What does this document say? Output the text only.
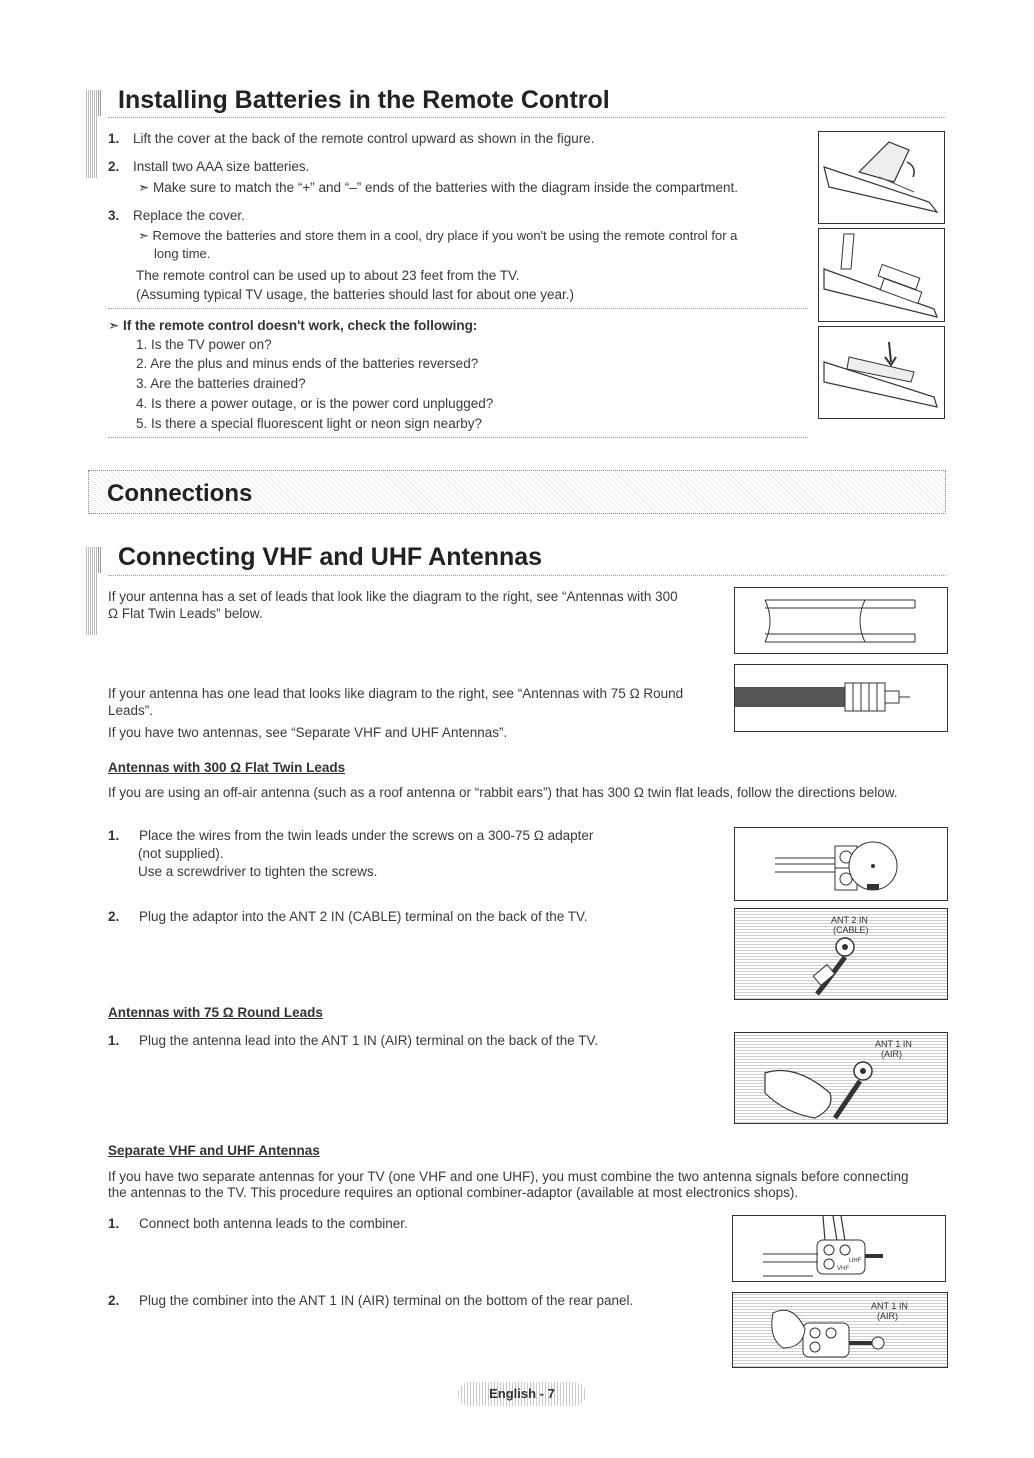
Installing Batteries in the Remote Control
1. Lift the cover at the back of the remote control upward as shown in the figure.
2. Install two AAA size batteries.
➣ Make sure to match the “+” and “–” ends of the batteries with the diagram inside the compartment.
3. Replace the cover.
➣ Remove the batteries and store them in a cool, dry place if you won't be using the remote control for a
long time.
The remote control can be used up to about 23 feet from the TV.
(Assuming typical TV usage, the batteries should last for about one year.)
➣ If the remote control doesn't work, check the following:
1. Is the TV power on?
2. Are the plus and minus ends of the batteries reversed?
3. Are the batteries drained?
4. Is there a power outage, or is the power cord unplugged?
5. Is there a special fluorescent light or neon sign nearby?
Connections
Connecting VHF and UHF Antennas
If your antenna has a set of leads that look like the diagram to the right, see “Antennas with 300
Ω Flat Twin Leads” below.
If your antenna has one lead that looks like diagram to the right, see “Antennas with 75 Ω Round
Leads”.
If you have two antennas, see “Separate VHF and UHF Antennas”.
Antennas with 300 Ω Flat Twin Leads
If you are using an off-air antenna (such as a roof antenna or “rabbit ears”) that has 300 Ω twin flat leads, follow the directions below.
1. Place the wires from the twin leads under the screws on a 300-75 Ω adapter
(not supplied).
Use a screwdriver to tighten the screws.
2. Plug the adaptor into the ANT 2 IN (CABLE) terminal on the back of the TV.	ANT 2 IN
(CABLE)
Antennas with 75 Ω Round Leads
1. Plug the antenna lead into the ANT 1 IN (AIR) terminal on the back of the TV.	ANT 1 IN
(AIR)
Separate VHF and UHF Antennas
If you have two separate antennas for your TV (one VHF and one UHF), you must combine the two antenna signals before connecting the antennas to the TV. This procedure requires an optional combiner-adaptor (available at most electronics shops).
1. Connect both antenna leads to the combiner.
UHF
VHF
2. Plug the combiner into the ANT 1 IN (AIR) terminal on the bottom of the rear panel.	ANT 1 IN
(AIR)
English - 7
